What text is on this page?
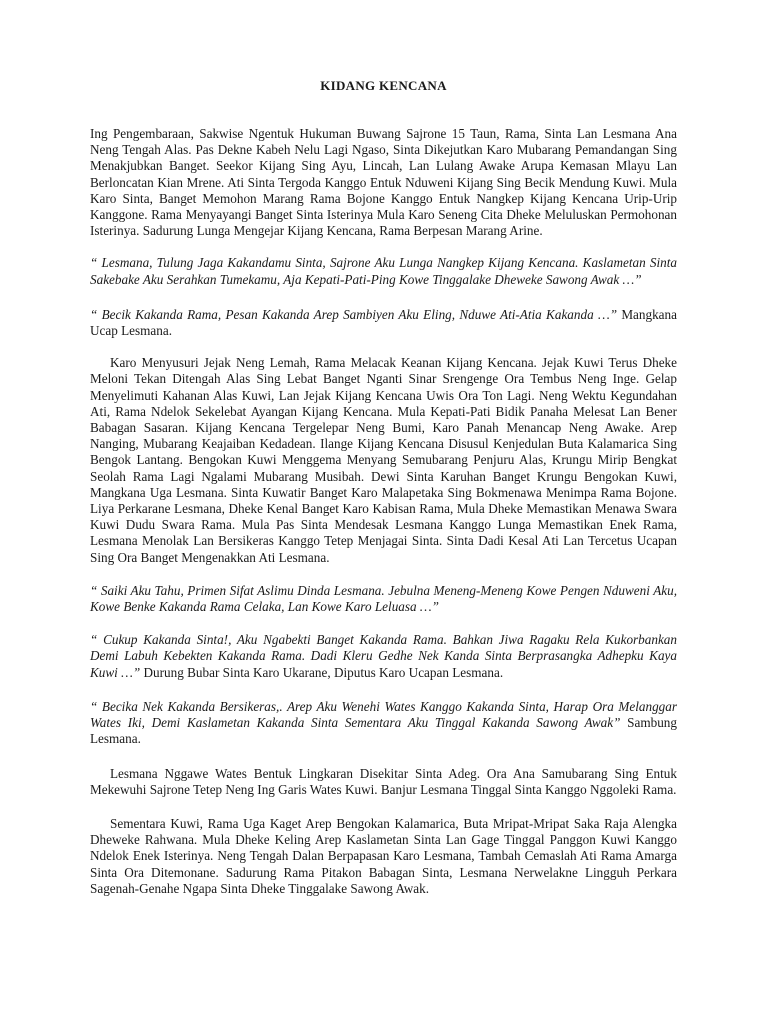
KIDANG KENCANA

Ing Pengembaraan, Sakwise Ngentuk Hukuman Buwang Sajrone 15 Taun, Rama, Sinta Lan Lesmana Ana Neng Tengah Alas. Pas Dekne Kabeh Nelu Lagi Ngaso, Sinta Dikejutkan Karo Mubarang Pemandangan Sing Menakjubkan Banget. Seekor Kijang Sing Ayu, Lincah, Lan Lulang Awake Arupa Kemasan Mlayu Lan Berloncatan Kian Mrene. Ati Sinta Tergoda Kanggo Entuk Nduweni Kijang Sing Becik Mendung Kuwi. Mula Karo Sinta, Banget Memohon Marang Rama Bojone Kanggo Entuk Nangkep Kijang Kencana Urip-Urip Kanggone. Rama Menyayangi Banget Sinta Isterinya Mula Karo Seneng Cita Dheke Meluluskan Permohonan Isterinya. Sadurung Lunga Mengejar Kijang Kencana, Rama Berpesan Marang Arine.

“ Lesmana, Tulung Jaga Kakandamu Sinta, Sajrone Aku Lunga Nangkep Kijang Kencana. Kaslametan Sinta Sakebake Aku Serahkan Tumekamu, Aja Kepati-Pati-Ping Kowe Tinggalake Dheweke Sawong Awak …”

“ Becik Kakanda Rama, Pesan Kakanda Arep Sambiyen Aku Eling, Nduwe Ati-Atia Kakanda …” Mangkana Ucap Lesmana.

Karo Menyusuri Jejak Neng Lemah, Rama Melacak Keanan Kijang Kencana. Jejak Kuwi Terus Dheke Meloni Tekan Ditengah Alas Sing Lebat Banget Nganti Sinar Srengenge Ora Tembus Neng Inge. Gelap Menyelimuti Kahanan Alas Kuwi, Lan Jejak Kijang Kencana Uwis Ora Ton Lagi. Neng Wektu Kegundahan Ati, Rama Ndelok Sekelebat Ayangan Kijang Kencana. Mula Kepati-Pati Bidik Panaha Melesat Lan Bener Babagan Sasaran. Kijang Kencana Tergelepar Neng Bumi, Karo Panah Menancap Neng Awake. Arep Nanging, Mubarang Keajaiban Kedadean. Ilange Kijang Kencana Disusul Kenjedulan Buta Kalamarica Sing Bengok Lantang. Bengokan Kuwi Menggema Menyang Semubarang Penjuru Alas, Krungu Mirip Bengkat Seolah Rama Lagi Ngalami Mubarang Musibah. Dewi Sinta Karuhan Banget Krungu Bengokan Kuwi, Mangkana Uga Lesmana. Sinta Kuwatir Banget Karo Malapetaka Sing Bokmenawa Menimpa Rama Bojone. Liya Perkarane Lesmana, Dheke Kenal Banget Karo Kabisan Rama, Mula Dheke Memastikan Menawa Swara Kuwi Dudu Swara Rama. Mula Pas Sinta Mendesak Lesmana Kanggo Lunga Memastikan Enek Rama, Lesmana Menolak Lan Bersikeras Kanggo Tetep Menjagai Sinta. Sinta Dadi Kesal Ati Lan Tercetus Ucapan Sing Ora Banget Mengenakkan Ati Lesmana.

“ Saiki Aku Tahu, Primen Sifat Aslimu Dinda Lesmana. Jebulna Meneng-Meneng Kowe Pengen Nduweni Aku, Kowe Benke Kakanda Rama Celaka, Lan Kowe Karo Leluasa …”

“ Cukup Kakanda Sinta!, Aku Ngabekti Banget Kakanda Rama. Bahkan Jiwa Ragaku Rela Kukorbankan Demi Labuh Kebekten Kakanda Rama. Dadi Kleru Gedhe Nek Kanda Sinta Berprasangka Adhepku Kaya Kuwi …” Durung Bubar Sinta Karo Ukarane, Diputus Karo Ucapan Lesmana.

“ Becika Nek Kakanda Bersikeras,. Arep Aku Wenehi Wates Kanggo Kakanda Sinta, Harap Ora Melanggar Wates Iki, Demi Kaslametan Kakanda Sinta Sementara Aku Tinggal Kakanda Sawong Awak” Sambung Lesmana.

Lesmana Nggawe Wates Bentuk Lingkaran Disekitar Sinta Adeg. Ora Ana Samubarang Sing Entuk Mekewuhi Sajrone Tetep Neng Ing Garis Wates Kuwi. Banjur Lesmana Tinggal Sinta Kanggo Nggoleki Rama.

Sementara Kuwi, Rama Uga Kaget Arep Bengokan Kalamarica, Buta Mripat-Mripat Saka Raja Alengka Dheweke Rahwana. Mula Dheke Keling Arep Kaslametan Sinta Lan Gage Tinggal Panggon Kuwi Kanggo Ndelok Enek Isterinya. Neng Tengah Dalan Berpapasan Karo Lesmana, Tambah Cemaslah Ati Rama Amarga Sinta Ora Ditemonane. Sadurung Rama Pitakon Babagan Sinta, Lesmana Nerwelakne Lingguh Perkara Sagenah-Genahe Ngapa Sinta Dheke Tinggalake Sawong Awak.
